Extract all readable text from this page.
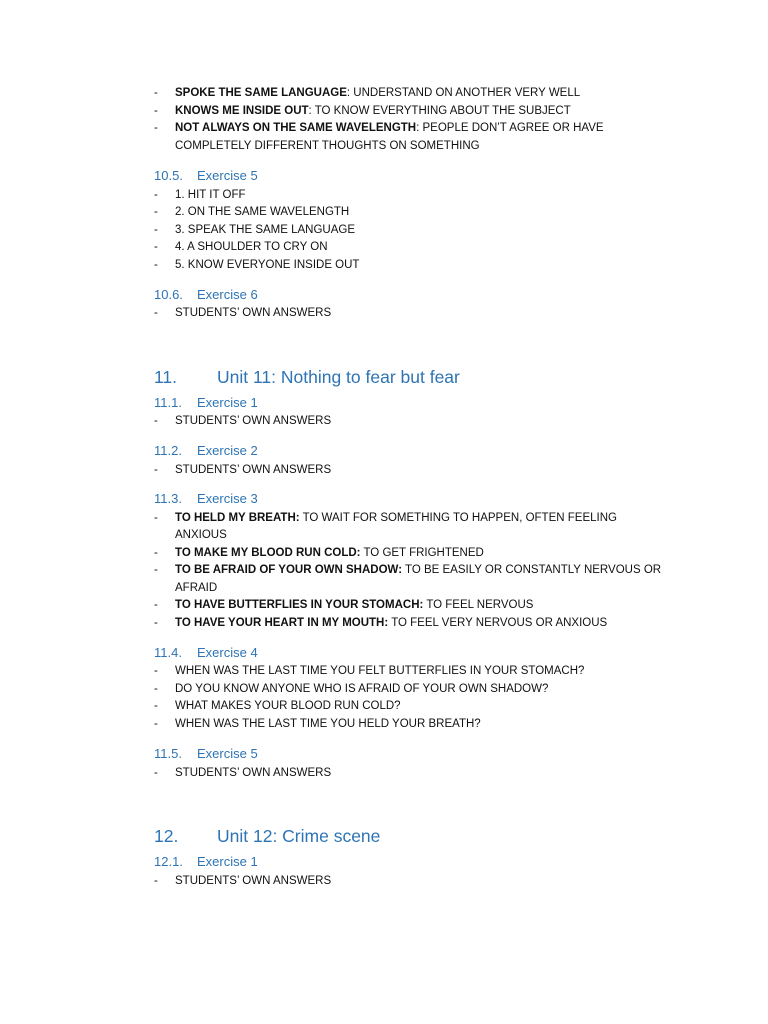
- SPOKE THE SAME LANGUAGE: UNDERSTAND ON ANOTHER VERY WELL
- KNOWS ME INSIDE OUT: TO KNOW EVERYTHING ABOUT THE SUBJECT
- NOT ALWAYS ON THE SAME WAVELENGTH: PEOPLE DON’T AGREE OR HAVE
COMPLETELY DIFFERENT THOUGHTS ON SOMETHING
10.5. Exercise 5
- 1. HIT IT OFF
- 2. ON THE SAME WAVELENGTH
- 3. SPEAK THE SAME LANGUAGE
- 4. A SHOULDER TO CRY ON
- 5. KNOW EVERYONE INSIDE OUT
10.6. Exercise 6
- STUDENTS’ OWN ANSWERS
11. Unit 11: Nothing to fear but fear
11.1. Exercise 1
- STUDENTS’ OWN ANSWERS
11.2. Exercise 2
- STUDENTS’ OWN ANSWERS
11.3. Exercise 3
- TO HELD MY BREATH: TO WAIT FOR SOMETHING TO HAPPEN, OFTEN FEELING
ANXIOUS
- TO MAKE MY BLOOD RUN COLD: TO GET FRIGHTENED
- TO BE AFRAID OF YOUR OWN SHADOW: TO BE EASILY OR CONSTANTLY NERVOUS OR
AFRAID
- TO HAVE BUTTERFLIES IN YOUR STOMACH: TO FEEL NERVOUS
- TO HAVE YOUR HEART IN MY MOUTH: TO FEEL VERY NERVOUS OR ANXIOUS
11.4. Exercise 4
- WHEN WAS THE LAST TIME YOU FELT BUTTERFLIES IN YOUR STOMACH?
- DO YOU KNOW ANYONE WHO IS AFRAID OF YOUR OWN SHADOW?
- WHAT MAKES YOUR BLOOD RUN COLD?
- WHEN WAS THE LAST TIME YOU HELD YOUR BREATH?
11.5. Exercise 5
- STUDENTS’ OWN ANSWERS
12. Unit 12: Crime scene
12.1. Exercise 1
- STUDENTS’ OWN ANSWERS
